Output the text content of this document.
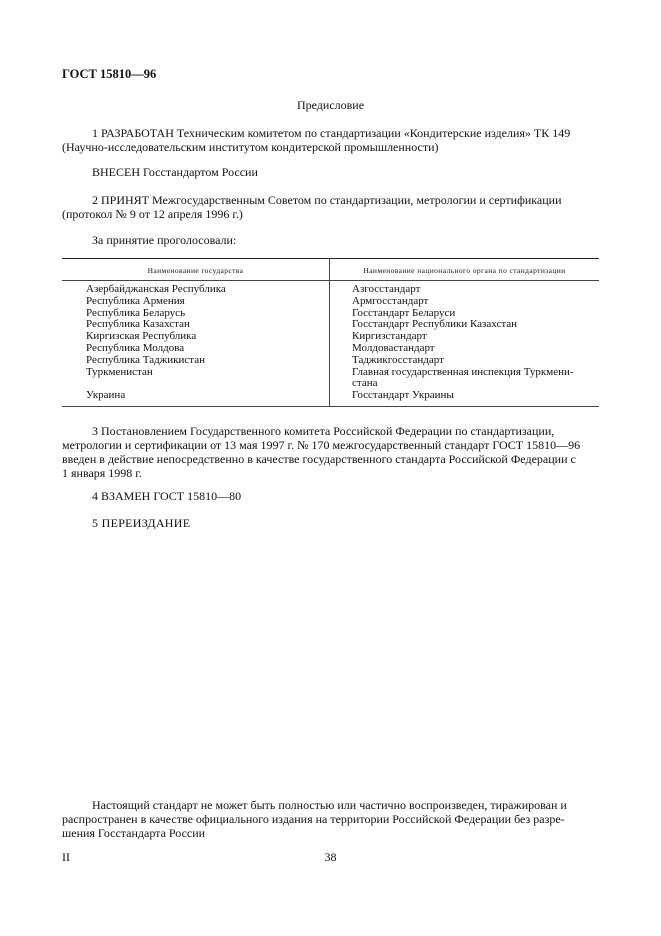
ГОСТ 15810—96
Предисловие
1 РАЗРАБОТАН Техническим комитетом по стандартизации «Кондитерские изделия» ТК 149
(Научно-исследовательским институтом кондитерской промышленности)
ВНЕСЕН Госстандартом России
2 ПРИНЯТ Межгосударственным Советом по стандартизации, метрологии и сертификации
(протокол № 9 от 12 апреля 1996 г.)
За принятие проголосовали:
Наименование государства	Наименование национального органа по стандартизации
Азербайджанская Республика
Республика Армения
Республика Беларусь
Республика Казахстан
Киргизская Республика
Республика Молдова
Республика Таджикистан
Туркменистан
Украина
Азгосстандарт
Армгосстандарт
Госстандарт Беларуси
Госстандарт Республики Казахстан
Киргизстандарт
Молдовастандарт
Таджикгосстандарт
Главная государственная инспекция Туркмени-стана
Госстандарт Украины
3 Постановлением Государственного комитета Российской Федерации по стандартизации,
метрологии и сертификации от 13 мая 1997 г. № 170 межгосударственный стандарт ГОСТ 15810—96
введен в действие непосредственно в качестве государственного стандарта Российской Федерации с
1 января 1998 г.
4 ВЗАМЕН ГОСТ 15810—80
5 ПЕРЕИЗДАНИЕ
Настоящий стандарт не может быть полностью или частично воспроизведен, тиражирован и
распространен в качестве официального издания на территории Российской Федерации без разре-
шения Госстандарта России
II	38
